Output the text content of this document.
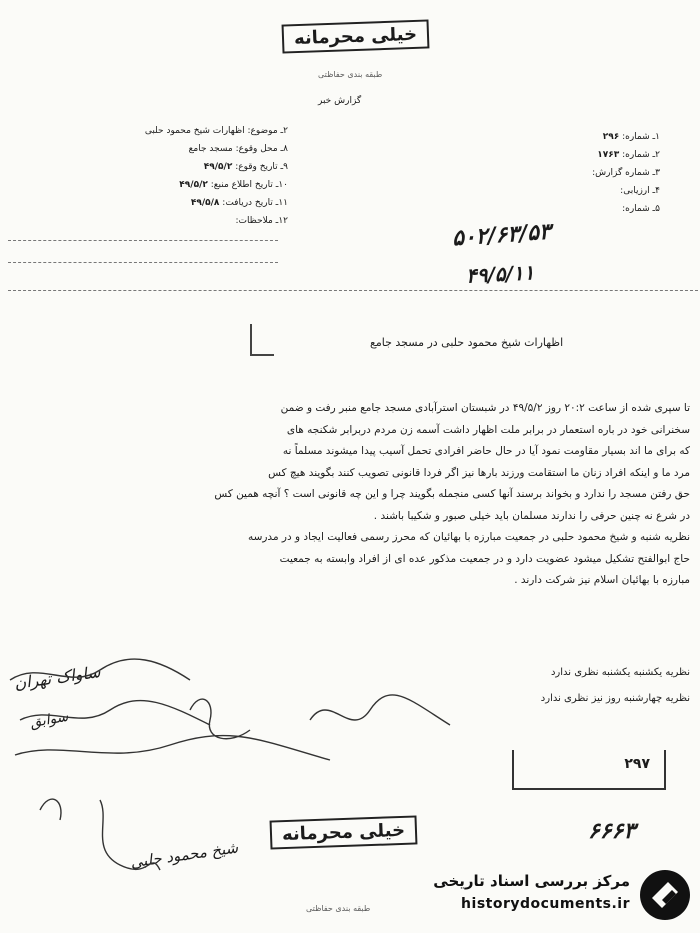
خیلی محرمانه
طبقه بندی حفاظتی
گزارش خبر
۲ـ موضوع: اظهارات شیخ محمود حلبی
۸ـ محل وقوع: مسجد جامع
۹ـ تاریخ وقوع: ۴۹/۵/۲
۱۰ـ تاریخ اطلاع منبع: ۴۹/۵/۲
۱۱ـ تاریخ دریافت: ۴۹/۵/۸
۱۲ـ ملاحظات:
۱ـ شماره: ۲۹۶
۲ـ شماره: ۱۷۶۳
۳ـ شماره گزارش:
۴ـ ارزیابی:
۵ـ شماره:
۵۰۲/۶۳/۵۳
۴۹/۵/۱۱
اظهارات شیخ محمود حلبی در مسجد جامع
تا سپری شده از ساعت ۲۰:۲ روز ۴۹/۵/۲ در شبستان استرآبادی مسجد جامع منبر رفت و ضمن
سخنرانی خود در باره استعمار در برابر ملت اظهار داشت آسمه زن مردم دربرابر شکنجه های
که برای ما اند بسیار مقاومت نمود آیا در حال حاضر افرادی تحمل آسیب پیدا میشوند مسلماً نه
مرد ما و اینکه افراد زنان ما استقامت ورزند بارها نیز اگر فردا قانونی تصویب کنند بگویند هیچ کس
حق رفتن مسجد را ندارد و بخواند برسند آنها کسی منجمله بگویند چرا و این چه قانونی است ؟ آنچه همین کس
در شرع نه چنین حرفی را ندارند مسلمان باید خیلی صبور و شکیبا باشند .
نظریه شنبه و شیخ محمود حلبی در جمعیت مبارزه با بهائیان که محرز رسمی فعالیت ایجاد و در مدرسه
حاج ابوالفتح تشکیل میشود عضویت دارد و در جمعیت مذکور عده ای از افراد وابسته به جمعیت
مبارزه با بهائیان اسلام نیز شرکت دارند .
نظریه یکشنبه یکشنبه نظری ندارد
نظریه چهارشنبه روز نیز نظری ندارد
ساواک تهران
سوابق
شیخ محمود حلبی
۲۹۷
۶۶۶۳
خیلی محرمانه
طبقه بندی حفاظتی
مرکز بررسی اسناد تاریخی
historydocuments.ir
